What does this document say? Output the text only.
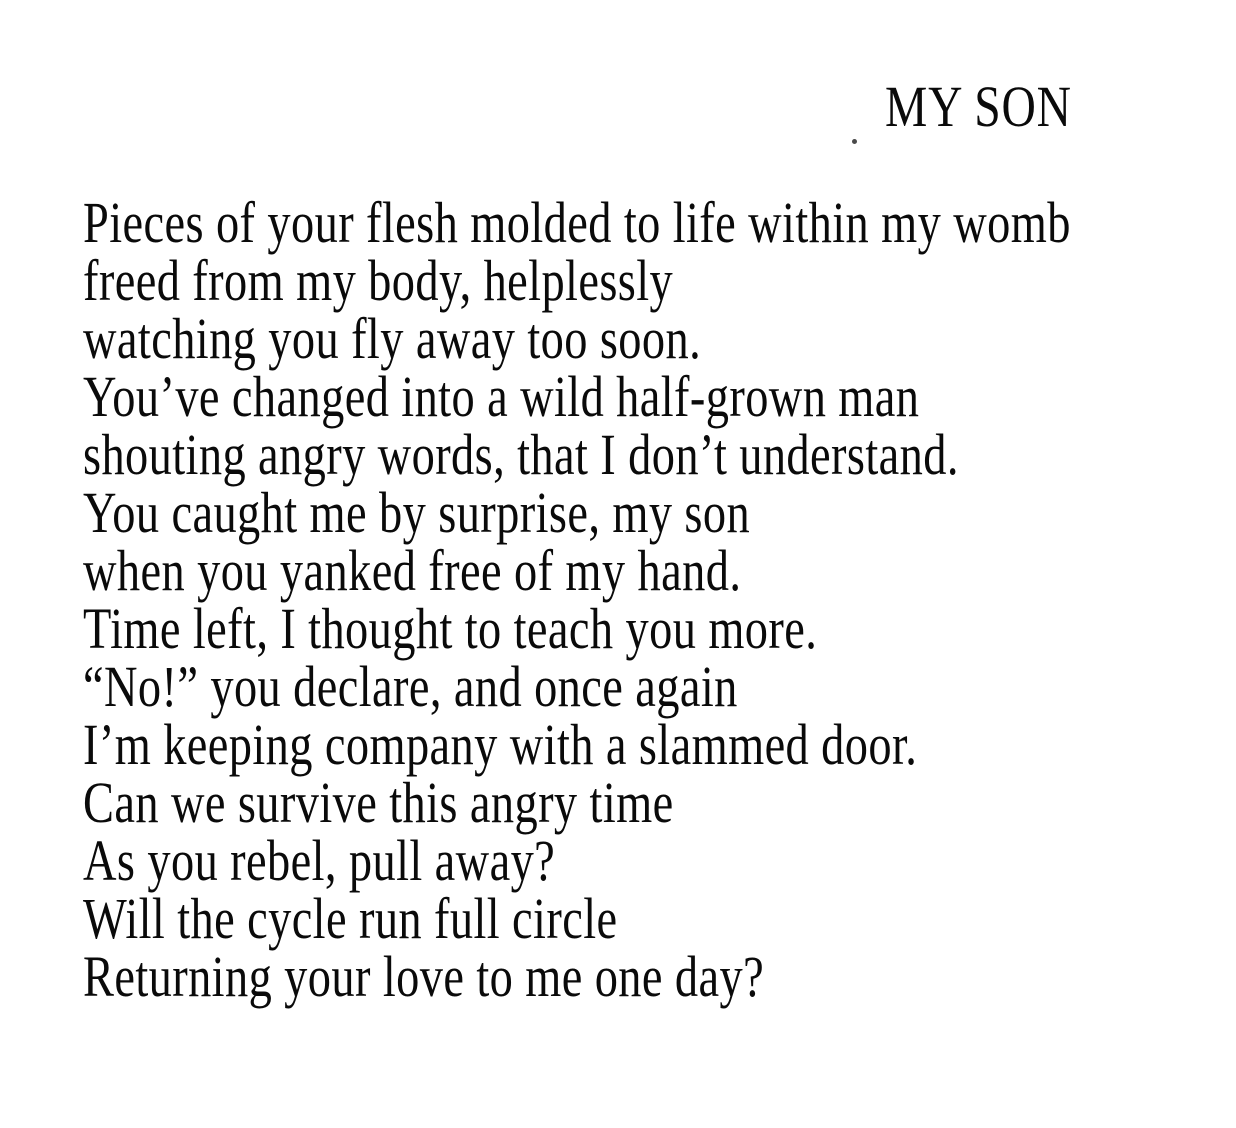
MY SON
Pieces of your flesh molded to life within my womb
freed from my body, helplessly
watching you fly away too soon.
You’ve changed into a wild half-grown man
shouting angry words, that I don’t understand.
You caught me by surprise, my son
when you yanked free of my hand.
Time left, I thought to teach you more.
“No!” you declare, and once again
I’m keeping company with a slammed door.
Can we survive this angry time
As you rebel, pull away?
Will the cycle run full circle
Returning your love to me one day?
